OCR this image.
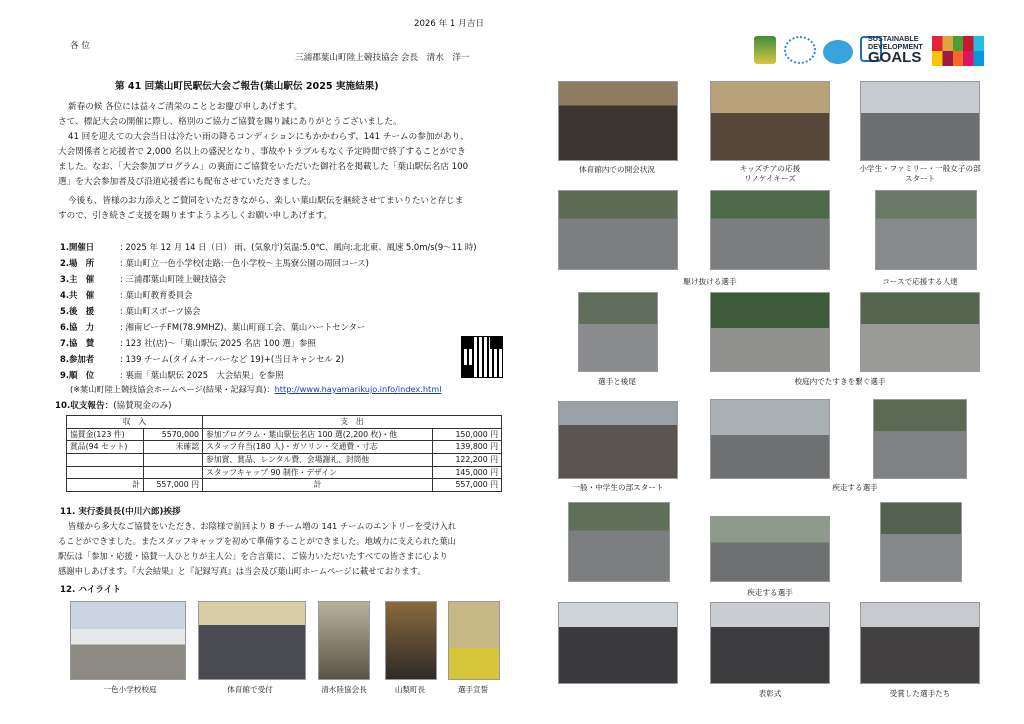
2026 年 1 月吉日
各 位
三浦郡葉山町陸上競技協会 会長　清水　洋一
第 41 回葉山町民駅伝大会ご報告(葉山駅伝 2025 実施結果)
新春の候 各位には益々ご清栄のこととお慶び申しあげます。
さて、標記大会の開催に際し、格別のご協力ご協賛を賜り誠にありがとうございました。
41 回を迎えての大会当日は冷たい雨の降るコンディションにもかかわらず、141 チームの参加があり、
大会関係者と応援者で 2,000 名以上の盛況となり、事故やトラブルもなく予定時間で終了することができ
ました。なお、「大会参加プログラム」の裏面にご協賛をいただいた御社名を掲載した「葉山駅伝名店 100
選」を大会参加者及び沿道応援者にも配布させていただきました。
今後も、皆様のお力添えとご賛同をいただきながら、楽しい葉山駅伝を継続させてまいりたいと存じま
すので、引き続きご支援を賜りますようよろしくお願い申しあげます。
1.開催日	: 2025 年 12 月 14 日（日） 雨、(気象庁)気温:5.0℃、風向:北北東、風速 5.0m/s(9〜11 時)
2.場　所	: 葉山町立一色小学校(走路:一色小学校〜主馬寮公園の周回コース)
3.主　催	: 三浦郡葉山町陸上競技協会
4.共　催	: 葉山町教育委員会
5.後　援	: 葉山町スポーツ協会
6.協　力	: 湘南ビーチFM(78.9MHZ)、葉山町商工会、葉山ハートセンター
7.協　賛	: 123 社(店)〜「葉山駅伝 2025 名店 100 選」参照
8.参加者	: 139 チーム(タイムオーバーなど 19)+(当日キャンセル 2)
9.順　位	: 裏面「葉山駅伝 2025　大会結果」を参照
(※葉山町陸上競技協会ホームページ(結果・記録写真)：http://www.hayamarikujo.info/index.html
10.収支報告：(協賛現金のみ)
収　入		支　出	
協賛金(123 件)	5570,000	参加プログラム・葉山駅伝名店 100 選(2,200 枚)・他	150,000 円
賞品(94 セット)	未確認	スタッフ弁当(180 人)・ガソリン・交通費・寸志	139,800 円
		参加賞、賞品、レンタル費、会場謝礼、封筒他	122,200 円
		スタッフキャップ 90 制作・デザイン	145,000 円
計	557,000 円	計	557,000 円
11. 実行委員長(中川六郎)挨拶
皆様から多大なご協賛をいただき、お陰様で前回より 8 チーム増の 141 チームのエントリーを受け入れ
ることができました。またスタッフキャップを初めて準備することができました。地域力に支えられた葉山
駅伝は「参加・応援・協賛一人ひとりが主人公」を合言葉に、ご協力いただいたすべての皆さまに心より
感謝申しあげます。『大会結果』と『記録写真』は当会及び葉山町ホームページに載せております。
12. ハイライト
一色小学校校庭	体育館で受付	清水陸協会長	山梨町長	選手宣誓
SUSTAINABLE
DEVELOPMENT
GOALS
体育館内での開会状況	キッズチアの応援
リノケイキーズ
小学生・ファミリー・一般女子の部
スタート
駆け抜ける選手	コースで応援する人達
選手と後尾	校庭内でたすきを繋ぐ選手
一般・中学生の部スタート	疾走する選手
疾走する選手
表彰式	受賞した選手たち
